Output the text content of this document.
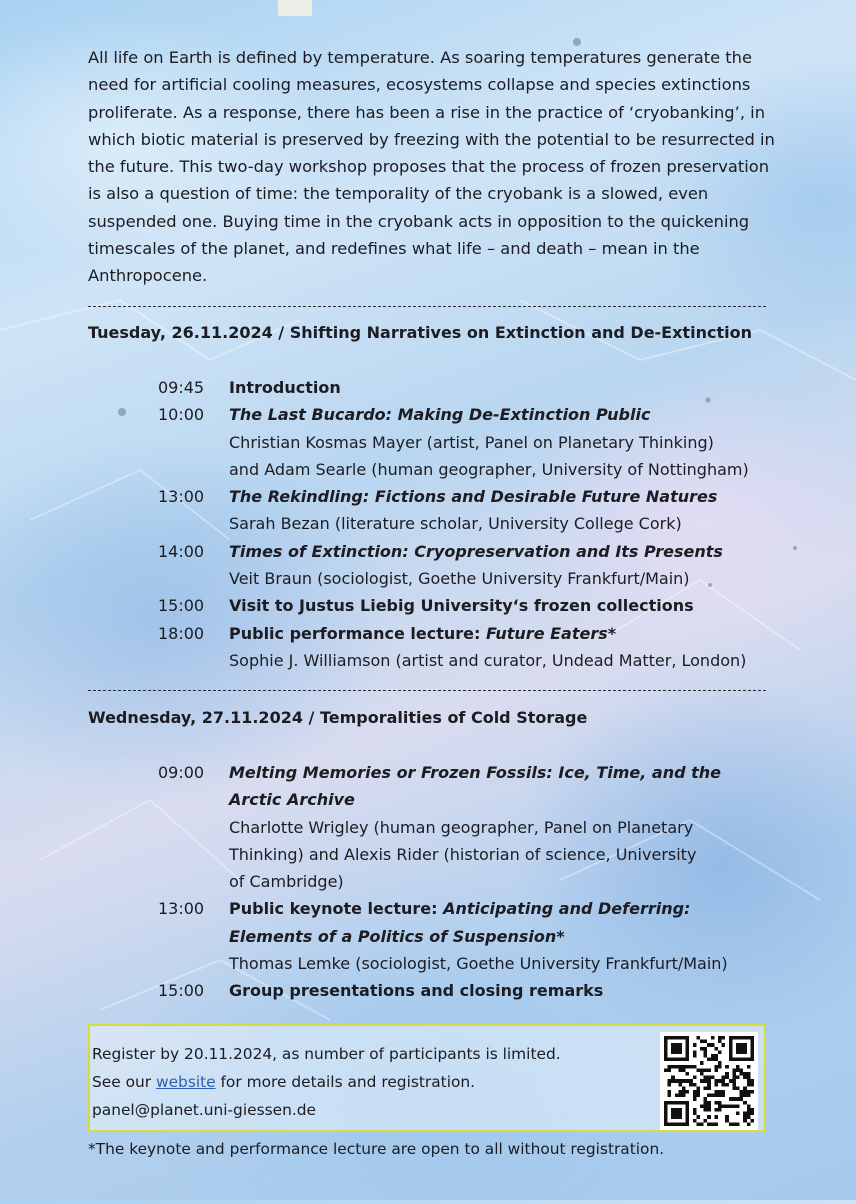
All life on Earth is defined by temperature. As soaring temperatures generate the need for artificial cooling measures, ecosystems collapse and species extinctions proliferate. As a response, there has been a rise in the practice of ‘cryobanking’, in which biotic material is preserved by freezing with the potential to be resurrected in the future. This two-day workshop proposes that the process of frozen preservation is also a question of time: the temporality of the cryobank is a slowed, even suspended one. Buying time in the cryobank acts in opposition to the quickening timescales of the planet, and redefines what life – and death – mean in the Anthropocene.

Tuesday, 26.11.2024 / Shifting Narratives on Extinction and De-Extinction

09:45	Introduction
10:00	The Last Bucardo: Making De-Extinction Public
Christian Kosmas Mayer (artist, Panel on Planetary Thinking)
and Adam Searle (human geographer, University of Nottingham)
13:00	The Rekindling: Fictions and Desirable Future Natures
Sarah Bezan (literature scholar, University College Cork)
14:00	Times of Extinction: Cryopreservation and Its Presents
Veit Braun (sociologist, Goethe University Frankfurt/Main)
15:00	Visit to Justus Liebig University‘s frozen collections
18:00	Public performance lecture: Future Eaters*
Sophie J. Williamson (artist and curator, Undead Matter, London)

Wednesday, 27.11.2024 / Temporalities of Cold Storage

09:00	Melting Memories or Frozen Fossils: Ice, Time, and the
Arctic Archive
Charlotte Wrigley (human geographer, Panel on Planetary
Thinking) and Alexis Rider (historian of science, University
of Cambridge)
13:00	Public keynote lecture: Anticipating and Deferring:
Elements of a Politics of Suspension*
Thomas Lemke (sociologist, Goethe University Frankfurt/Main)
15:00	Group presentations and closing remarks
Register by 20.11.2024, as number of participants is limited.
See our website for more details and registration.
panel@planet.uni-giessen.de

*The keynote and performance lecture are open to all without registration.
